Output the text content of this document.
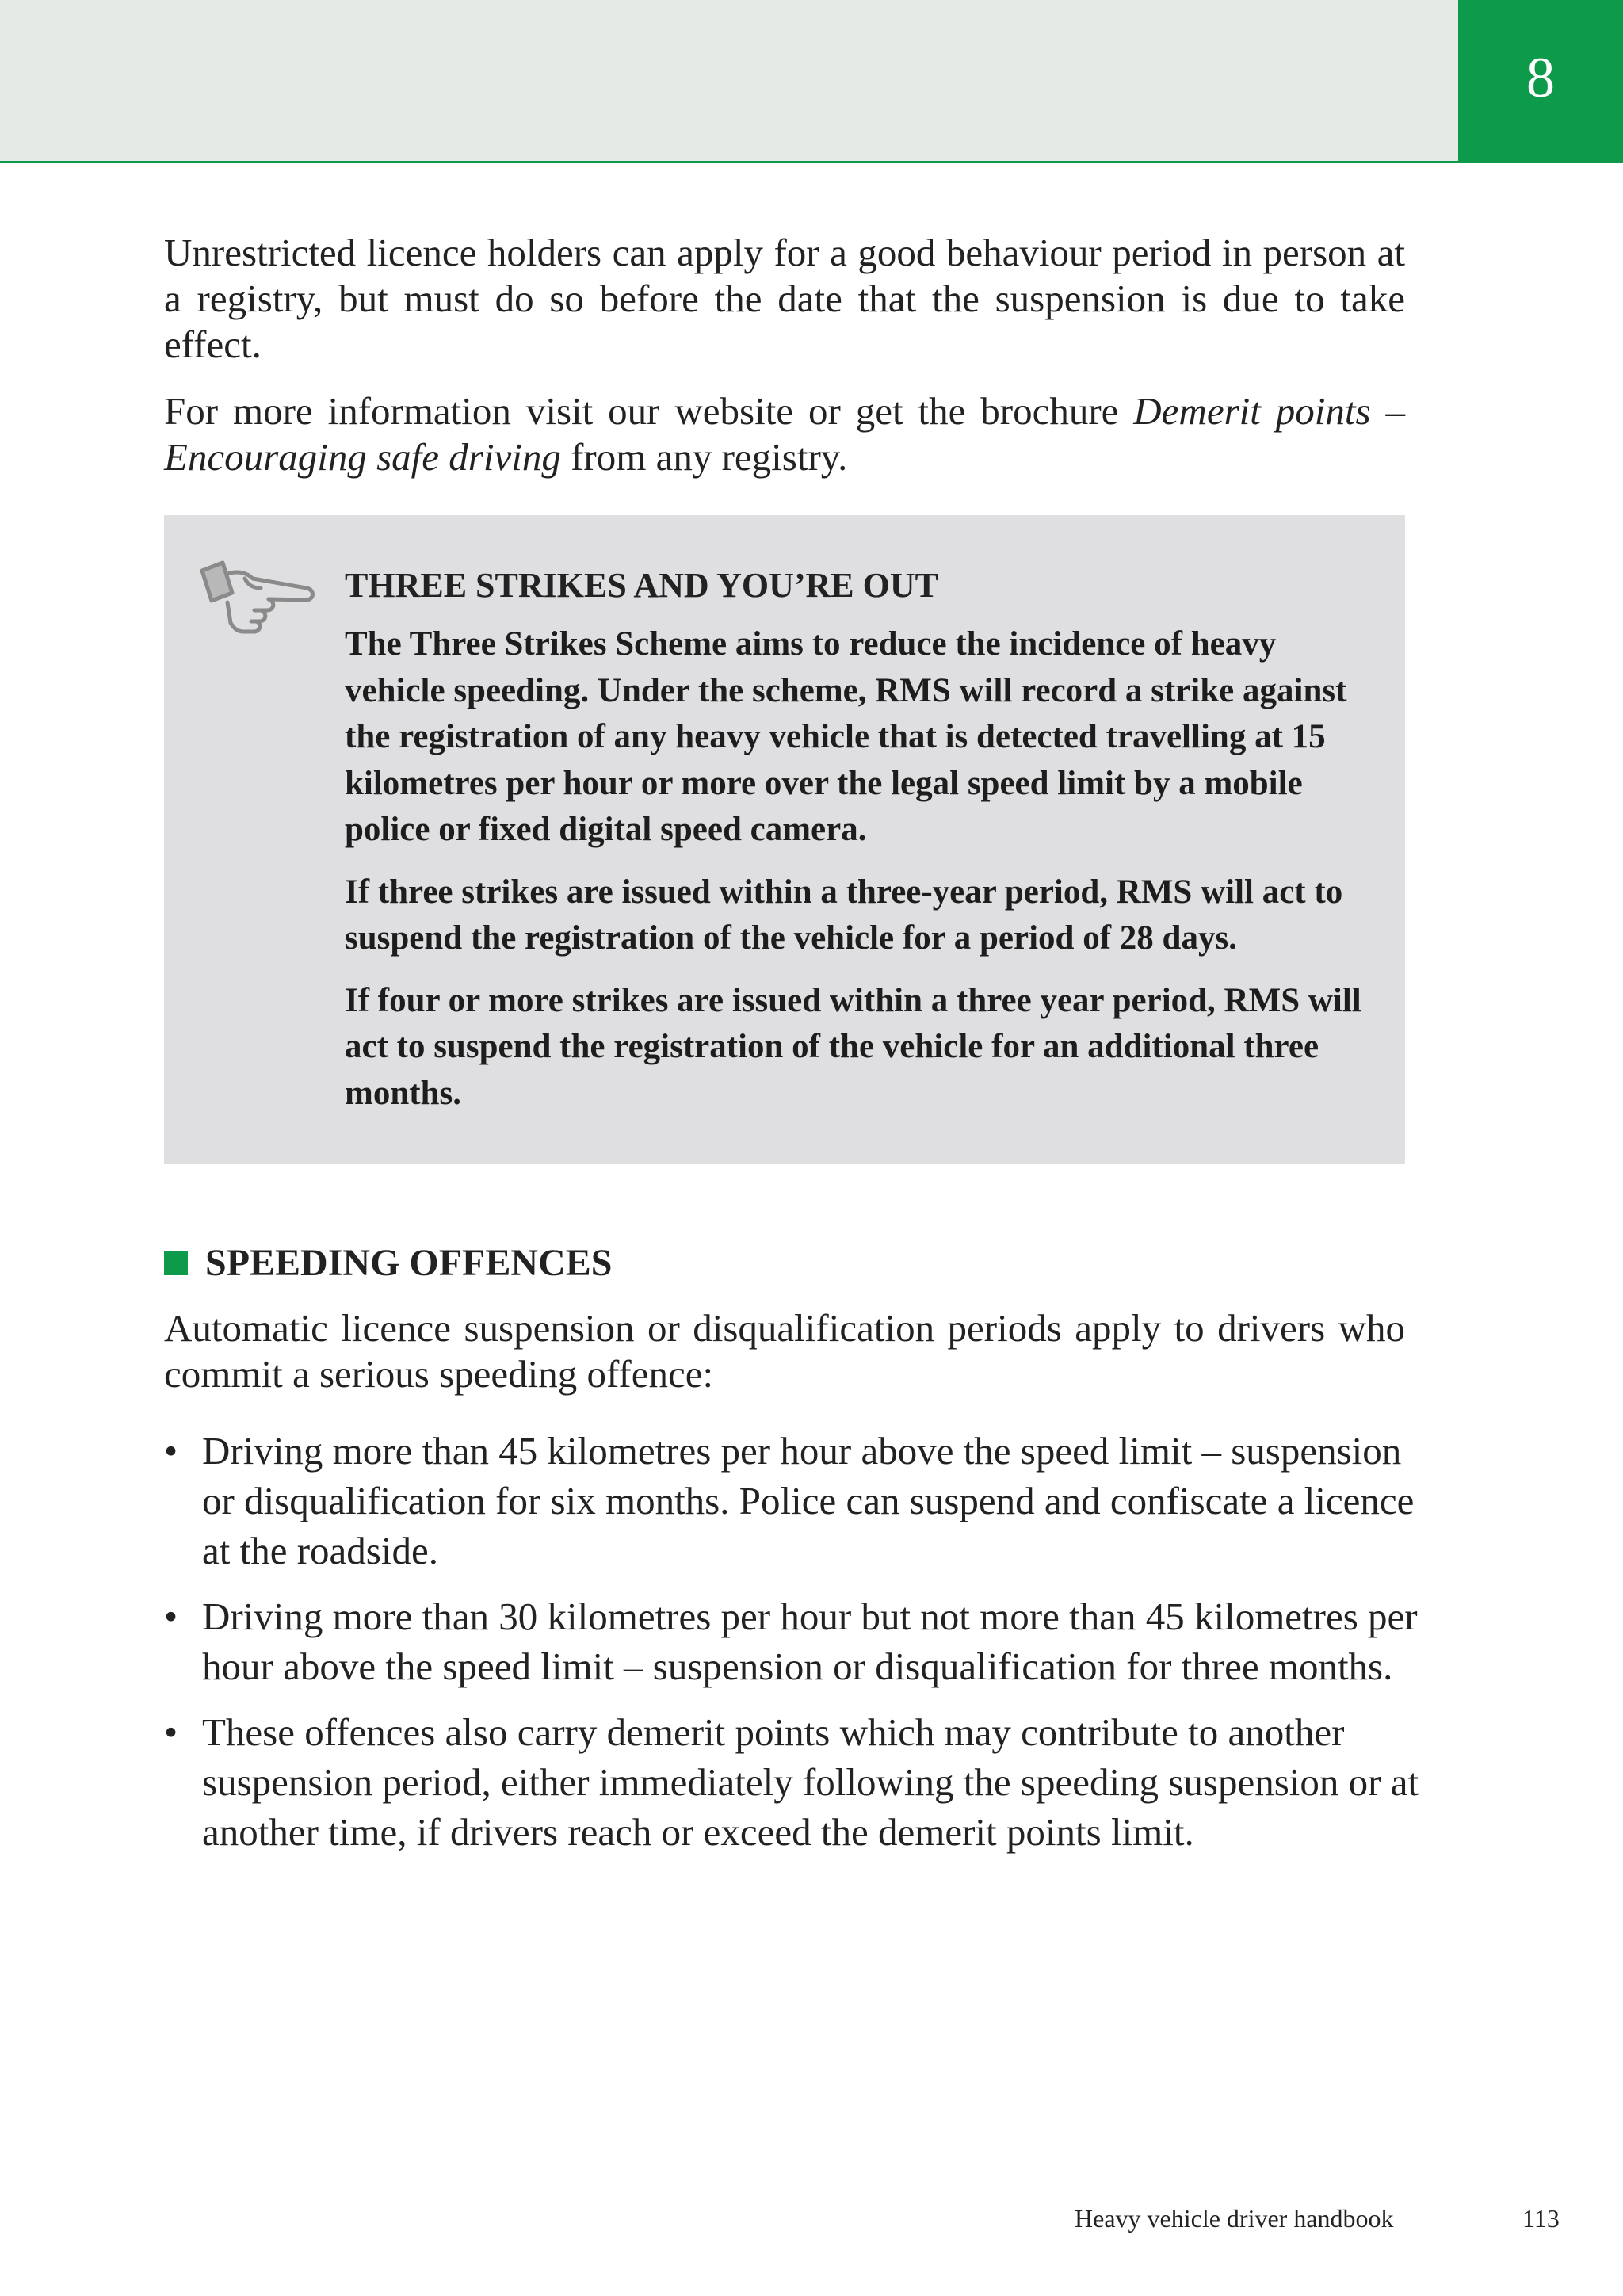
8

Unrestricted licence holders can apply for a good behaviour period in person at a registry, but must do so before the date that the suspension is due to take effect.

For more information visit our website or get the brochure Demerit points – Encouraging safe driving from any registry.

THREE STRIKES AND YOU’RE OUT

The Three Strikes Scheme aims to reduce the incidence of heavy vehicle speeding. Under the scheme, RMS will record a strike against the registration of any heavy vehicle that is detected travelling at 15 kilometres per hour or more over the legal speed limit by a mobile police or fixed digital speed camera.

If three strikes are issued within a three-year period, RMS will act to suspend the registration of the vehicle for a period of 28 days.

If four or more strikes are issued within a three year period, RMS will act to suspend the registration of the vehicle for an additional three months.

SPEEDING OFFENCES

Automatic licence suspension or disqualification periods apply to drivers who commit a serious speeding offence:

• Driving more than 45 kilometres per hour above the speed limit – suspension or disqualification for six months. Police can suspend and confiscate a licence at the roadside.
• Driving more than 30 kilometres per hour but not more than 45 kilometres per hour above the speed limit – suspension or disqualification for three months.
• These offences also carry demerit points which may contribute to another suspension period, either immediately following the speeding suspension or at another time, if drivers reach or exceed the demerit points limit.
Heavy vehicle driver handbook	113
